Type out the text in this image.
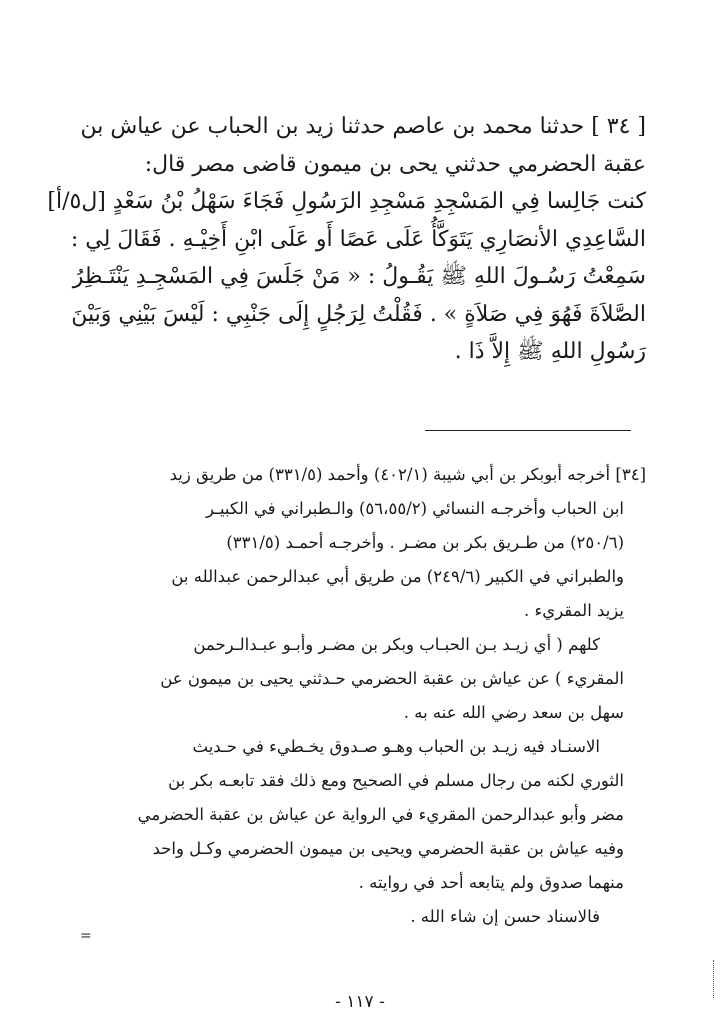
[ ٣٤ ] حدثنا محمد بن عاصم حدثنا زيد بن الحباب عن عياش بن
عقبة الحضرمي حدثني يحى بن ميمون قاضى مصر قال:
كنت جَالِسا فِي المَسْجِدِ مَسْجِدِ الرَسُولِ فَجَاءَ سَهْلُ بْنُ سَعْدٍ [ل٥/أ]
السَّاعِدِي الأنصَارِي يَتَوَكَّأُ عَلَى عَصًا أَو عَلَى ابْنِ أَخِيْـهِ . فَقَالَ لِي :
سَمِعْتُ رَسُـولَ اللهِ ﷺ يَقُـولُ : « مَنْ جَلَسَ فِي المَسْجِـدِ يَنْتَـظِرُ
الصَّلاَةَ فَهُوَ فِي صَلاَةٍ » . فَقُلْتُ لِرَجُلٍ إِلَى جَنْبِي : لَيْسَ بَيْنِي وَبَيْنَ
رَسُولِ اللهِ ﷺ إِلاَّ ذَا .
[٣٤] أخرجه أبوبكر بن أبي شيبة (٤٠٢/١) وأحمد (٣٣١/٥) من طريق زيد
ابن الحباب وأخرجـه النسائي (٥٦،٥٥/٢) والـطبراني في الكبيـر
(٢٥٠/٦) من طـريق بكر بن مضـر . وأخرجـه أحمـد (٣٣١/٥)
والطبراني في الكبير (٢٤٩/٦) من طريق أبي عبدالرحمن عبدالله بن
يزيد المقريء .
كلهم ( أي زيـد بـن الحبـاب وبكر بن مضـر وأبـو عبـدالـرحمن
المقريء ) عن عياش بن عقبة الحضرمي حـدثني يحيى بن ميمون عن
سهل بن سعد رضي الله عنه به .
الاسنـاد فيه زيـد بن الحباب وهـو صـدوق يخـطيء في حـديث
الثوري لكنه من رجال مسلم في الصحيح ومع ذلك فقد تابعـه بكر بن
مضر وأبو عبدالرحمن المقريء في الرواية عن عياش بن عقبة الحضرمي
وفيه عياش بن عقبة الحضرمي ويحيى بن ميمون الحضرمي وكـل واحد
منهما صدوق ولم يتابعه أحد في روايته .
فالاسناد حسن إن شاء الله .
=
- ١١٧ -
